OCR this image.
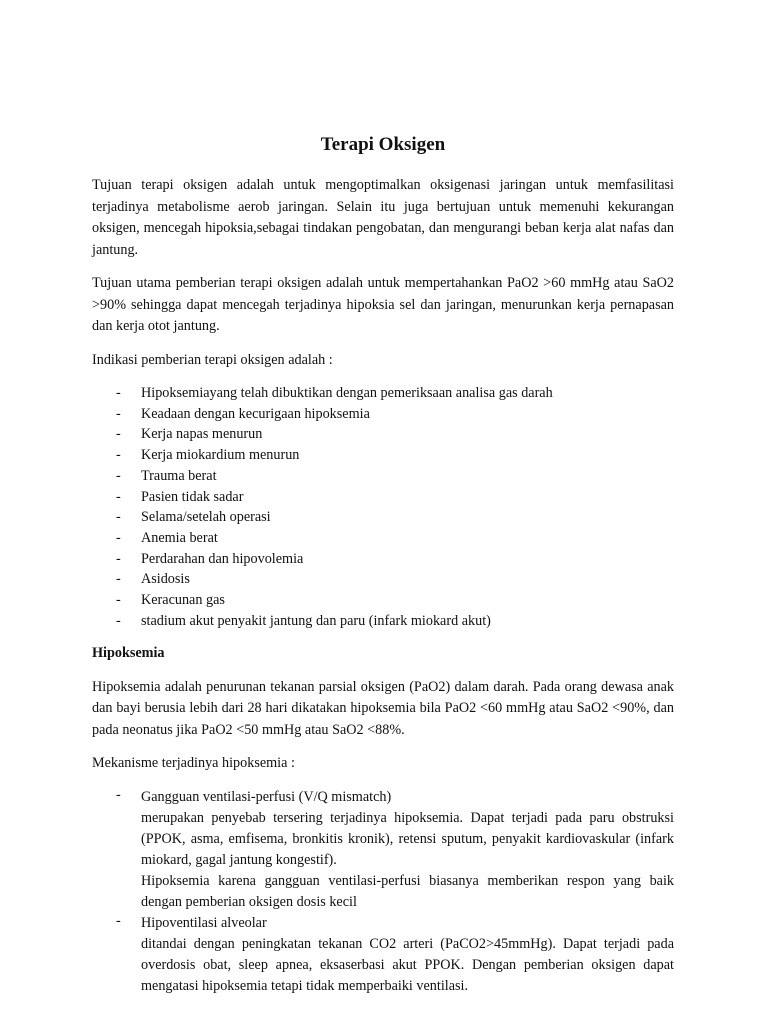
Terapi Oksigen

Tujuan terapi oksigen adalah untuk mengoptimalkan oksigenasi jaringan untuk memfasilitasi terjadinya metabolisme aerob jaringan. Selain itu juga bertujuan untuk memenuhi kekurangan oksigen, mencegah hipoksia,sebagai tindakan pengobatan, dan mengurangi beban kerja alat nafas dan jantung.

Tujuan utama pemberian terapi oksigen adalah untuk mempertahankan PaO2 >60 mmHg atau SaO2 >90% sehingga dapat mencegah terjadinya hipoksia sel dan jaringan, menurunkan kerja pernapasan dan kerja otot jantung.

Indikasi pemberian terapi oksigen adalah :

- Hipoksemiayang telah dibuktikan dengan pemeriksaan analisa gas darah
- Keadaan dengan kecurigaan hipoksemia
- Kerja napas menurun
- Kerja miokardium menurun
- Trauma berat
- Pasien tidak sadar
- Selama/setelah operasi
- Anemia berat
- Perdarahan dan hipovolemia
- Asidosis
- Keracunan gas
- stadium akut penyakit jantung dan paru (infark miokard akut)
Hipoksemia

Hipoksemia adalah penurunan tekanan parsial oksigen (PaO2) dalam darah. Pada orang dewasa anak dan bayi berusia lebih dari 28 hari dikatakan hipoksemia bila PaO2 <60 mmHg atau SaO2 <90%, dan pada neonatus jika PaO2 <50 mmHg atau SaO2 <88%.

Mekanisme terjadinya hipoksemia :

- Gangguan ventilasi-perfusi (V/Q mismatch)
merupakan penyebab tersering terjadinya hipoksemia. Dapat terjadi pada paru obstruksi (PPOK, asma, emfisema, bronkitis kronik), retensi sputum, penyakit kardiovaskular (infark miokard, gagal jantung kongestif).
Hipoksemia karena gangguan ventilasi-perfusi biasanya memberikan respon yang baik dengan pemberian oksigen dosis kecil
- Hipoventilasi alveolar
ditandai dengan peningkatan tekanan CO2 arteri (PaCO2>45mmHg). Dapat terjadi pada overdosis obat, sleep apnea, eksaserbasi akut PPOK. Dengan pemberian oksigen dapat mengatasi hipoksemia tetapi tidak memperbaiki ventilasi.
